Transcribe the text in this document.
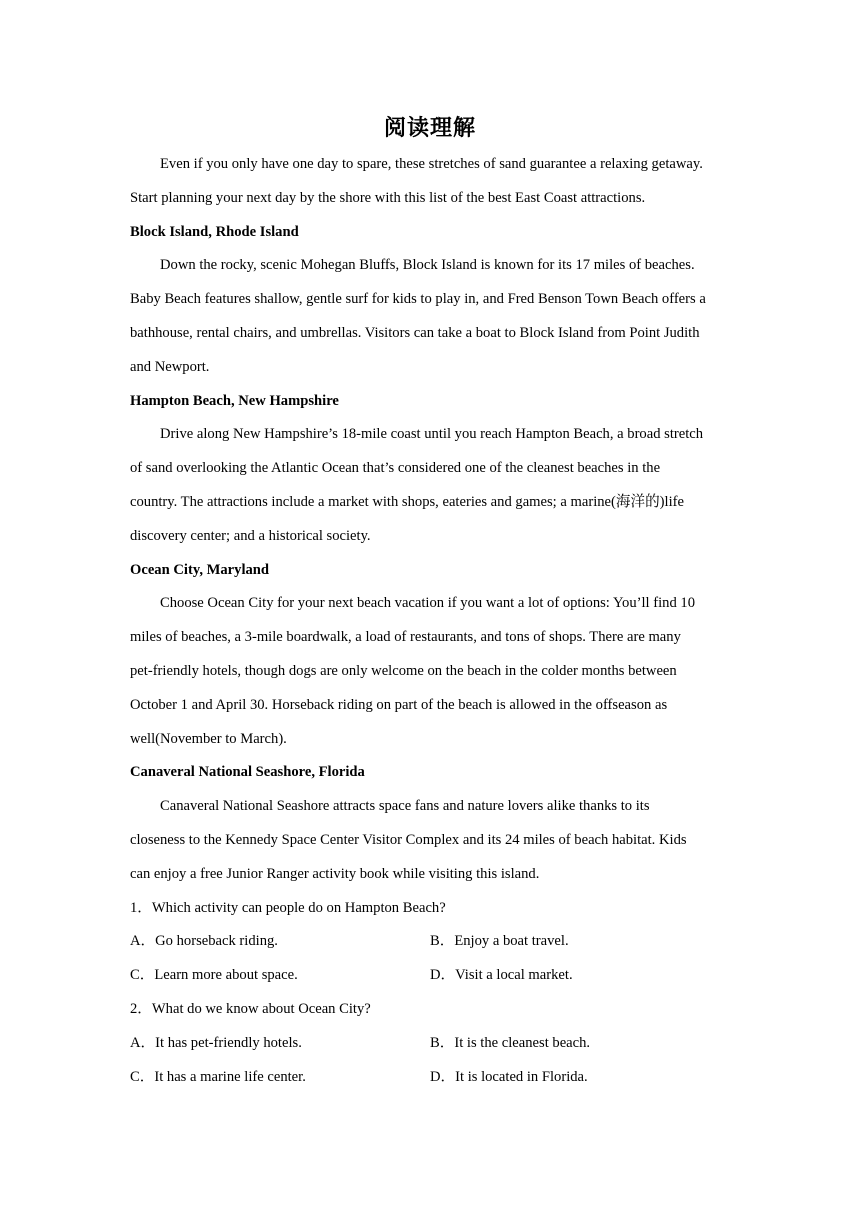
阅读理解
Even if you only have one day to spare, these stretches of sand guarantee a relaxing getaway.
Start planning your next day by the shore with this list of the best East Coast attractions.
Block Island, Rhode Island
Down the rocky, scenic Mohegan Bluffs, Block Island is known for its 17 miles of beaches.
Baby Beach features shallow, gentle surf for kids to play in, and Fred Benson Town Beach offers a
bathhouse, rental chairs, and umbrellas. Visitors can take a boat to Block Island from Point Judith
and Newport.
Hampton Beach, New Hampshire
Drive along New Hampshire’s 18-mile coast until you reach Hampton Beach, a broad stretch
of sand overlooking the Atlantic Ocean that’s considered one of the cleanest beaches in the
country. The attractions include a market with shops, eateries and games; a marine(海洋的)life
discovery center; and a historical society.
Ocean City, Maryland
Choose Ocean City for your next beach vacation if you want a lot of options: You’ll find 10
miles of beaches, a 3-mile boardwalk, a load of restaurants, and tons of shops. There are many
pet-friendly hotels, though dogs are only welcome on the beach in the colder months between
October 1 and April 30. Horseback riding on part of the beach is allowed in the offseason as
well(November to March).
Canaveral National Seashore, Florida
Canaveral National Seashore attracts space fans and nature lovers alike thanks to its
closeness to the Kennedy Space Center Visitor Complex and its 24 miles of beach habitat. Kids
can enjoy a free Junior Ranger activity book while visiting this island.
1．Which activity can people do on Hampton Beach?
A．Go horseback riding.	B．Enjoy a boat travel.
C．Learn more about space.	D．Visit a local market.
2．What do we know about Ocean City?
A．It has pet-friendly hotels.	B．It is the cleanest beach.
C．It has a marine life center.	D．It is located in Florida.
